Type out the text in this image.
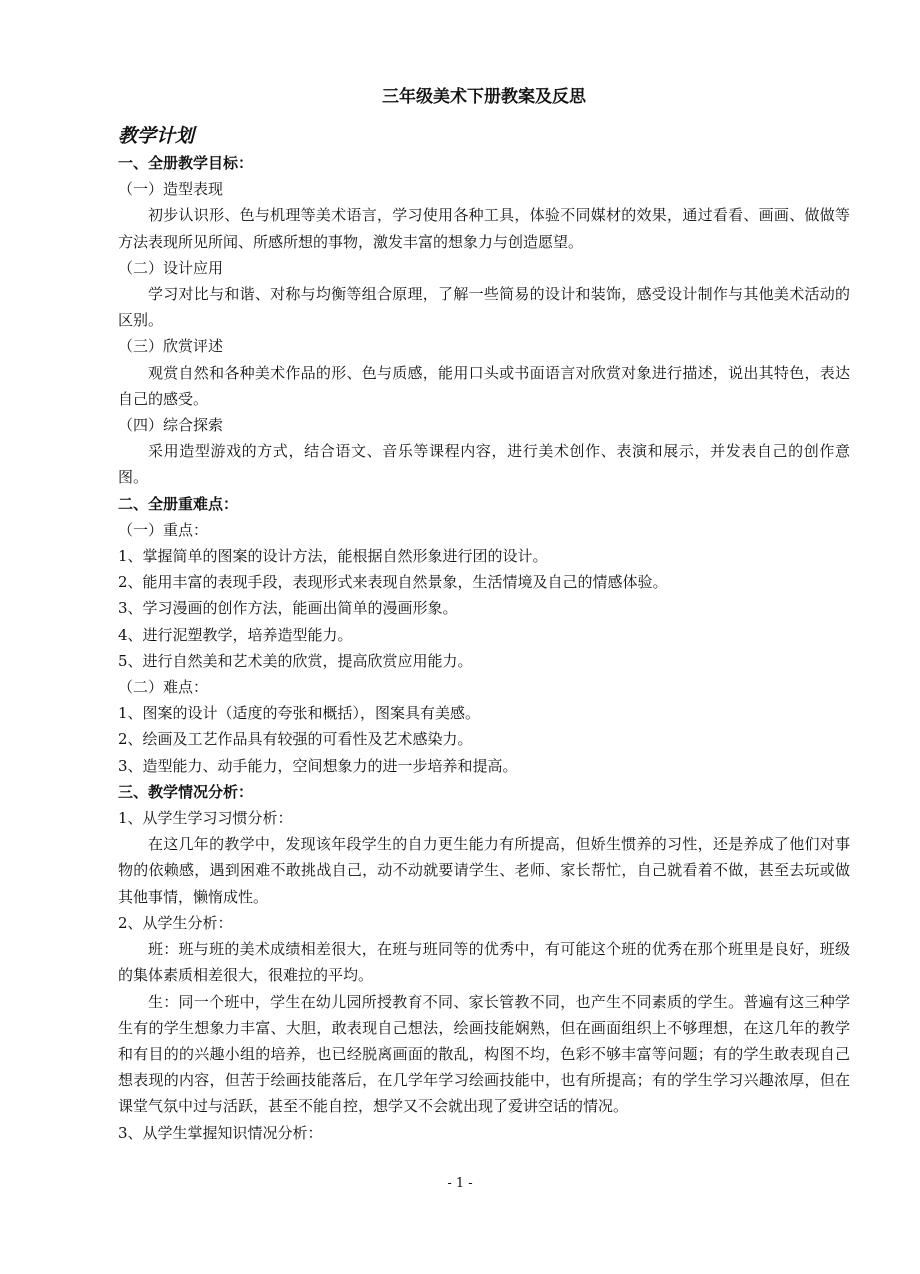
三年级美术下册教案及反思
教学计划
一、全册教学目标：
（一）造型表现
初步认识形、色与机理等美术语言，学习使用各种工具，体验不同媒材的效果，通过看看、画画、做做等方法表现所见所闻、所感所想的事物，激发丰富的想象力与创造愿望。
（二）设计应用
学习对比与和谐、对称与均衡等组合原理，了解一些简易的设计和装饰，感受设计制作与其他美术活动的区别。
（三）欣赏评述
观赏自然和各种美术作品的形、色与质感，能用口头或书面语言对欣赏对象进行描述，说出其特色，表达自己的感受。
（四）综合探索
采用造型游戏的方式，结合语文、音乐等课程内容，进行美术创作、表演和展示，并发表自己的创作意图。
二、全册重难点：
（一）重点：
1、掌握简单的图案的设计方法，能根据自然形象进行团的设计。
2、能用丰富的表现手段，表现形式来表现自然景象，生活情境及自己的情感体验。
3、学习漫画的创作方法，能画出简单的漫画形象。
4、进行泥塑教学，培养造型能力。
5、进行自然美和艺术美的欣赏，提高欣赏应用能力。
（二）难点：
1、图案的设计（适度的夸张和概括），图案具有美感。
2、绘画及工艺作品具有较强的可看性及艺术感染力。
3、造型能力、动手能力，空间想象力的进一步培养和提高。
三、教学情况分析：
1、从学生学习习惯分析：
在这几年的教学中，发现该年段学生的自力更生能力有所提高，但娇生惯养的习性，还是养成了他们对事物的依赖感，遇到困难不敢挑战自己，动不动就要请学生、老师、家长帮忙，自己就看着不做，甚至去玩或做其他事情，懒惰成性。
2、从学生分析：
班：班与班的美术成绩相差很大，在班与班同等的优秀中，有可能这个班的优秀在那个班里是良好，班级的集体素质相差很大，很难拉的平均。
生：同一个班中，学生在幼儿园所授教育不同、家长管教不同，也产生不同素质的学生。普遍有这三种学生有的学生想象力丰富、大胆，敢表现自己想法，绘画技能娴熟，但在画面组织上不够理想，在这几年的教学和有目的的兴趣小组的培养，也已经脱离画面的散乱，构图不均，色彩不够丰富等问题；有的学生敢表现自己想表现的内容，但苦于绘画技能落后，在几学年学习绘画技能中，也有所提高；有的学生学习兴趣浓厚，但在课堂气氛中过与活跃，甚至不能自控，想学又不会就出现了爱讲空话的情况。
3、从学生掌握知识情况分析：
- 1 -
